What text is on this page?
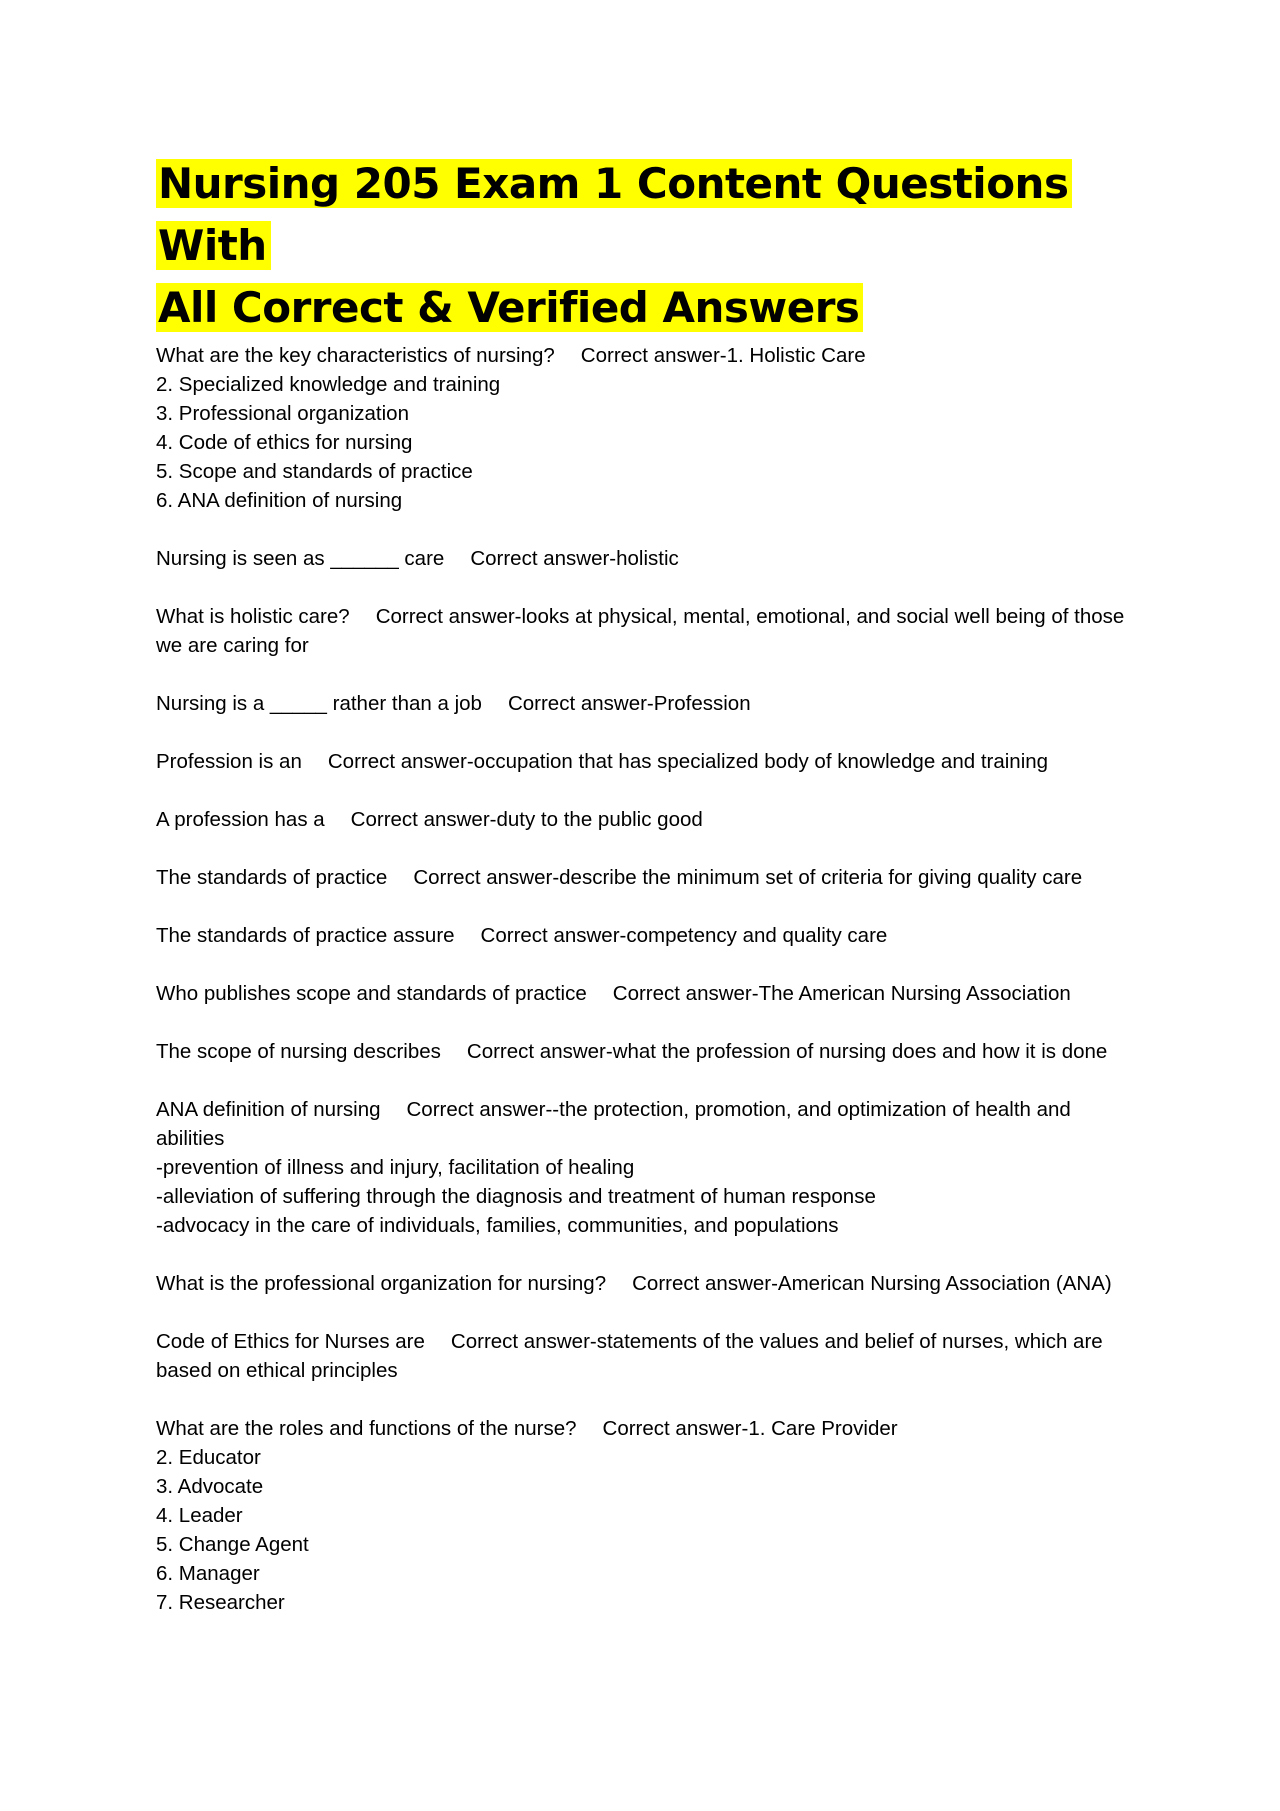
Nursing 205 Exam 1 Content Questions With
All Correct & Verified Answers
What are the key characteristics of nursing? Correct answer-1. Holistic Care
2. Specialized knowledge and training
3. Professional organization
4. Code of ethics for nursing
5. Scope and standards of practice
6. ANA definition of nursing
Nursing is seen as ______ care Correct answer-holistic
What is holistic care? Correct answer-looks at physical, mental, emotional, and social well being of those we are caring for
Nursing is a _____ rather than a job Correct answer-Profession
Profession is an Correct answer-occupation that has specialized body of knowledge and training
A profession has a Correct answer-duty to the public good
The standards of practice Correct answer-describe the minimum set of criteria for giving quality care
The standards of practice assure Correct answer-competency and quality care
Who publishes scope and standards of practice Correct answer-The American Nursing Association
The scope of nursing describes Correct answer-what the profession of nursing does and how it is done
ANA definition of nursing Correct answer--the protection, promotion, and optimization of health and abilities
-prevention of illness and injury, facilitation of healing
-alleviation of suffering through the diagnosis and treatment of human response
-advocacy in the care of individuals, families, communities, and populations
What is the professional organization for nursing? Correct answer-American Nursing Association (ANA)
Code of Ethics for Nurses are Correct answer-statements of the values and belief of nurses, which are based on ethical principles
What are the roles and functions of the nurse? Correct answer-1. Care Provider
2. Educator
3. Advocate
4. Leader
5. Change Agent
6. Manager
7. Researcher
